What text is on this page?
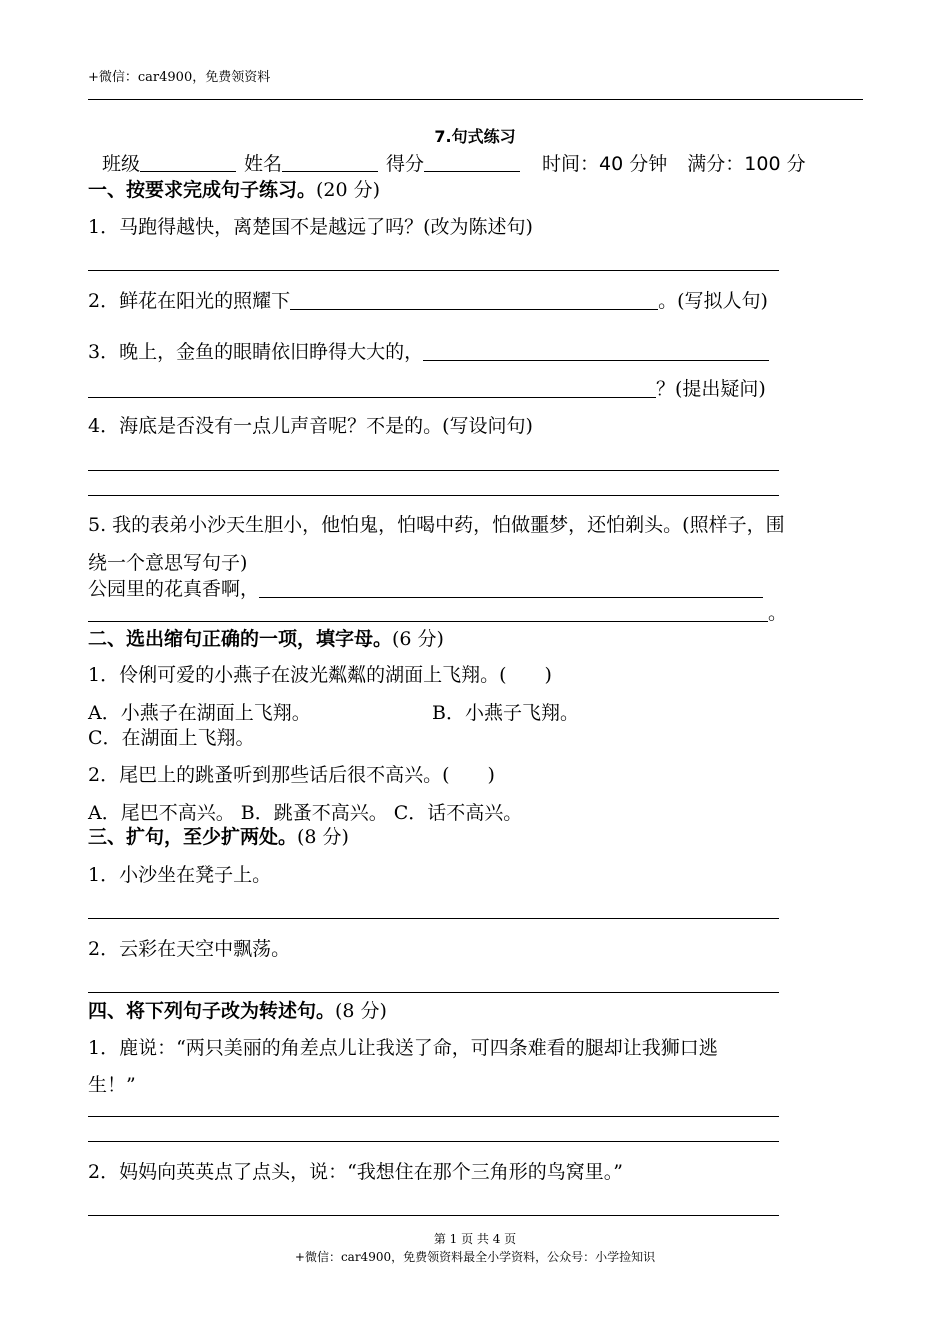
+微信：car4900，免费领资料
7.句式练习
班级	姓名	得分	时间：40 分钟 满分：100 分
一、按要求完成句子练习。(20 分)
1．马跑得越快，离楚国不是越远了吗？(改为陈述句)
2．鲜花在阳光的照耀下	。(写拟人句)
3．晚上，金鱼的眼睛依旧睁得大大的，
？(提出疑问)
4．海底是否没有一点儿声音呢？不是的。(写设问句)
5. 我的表弟小沙天生胆小，他怕鬼，怕喝中药，怕做噩梦，还怕剃头。(照样子，围
绕一个意思写句子)
公园里的花真香啊，
。
二、选出缩句正确的一项，填字母。(6 分)
1．伶俐可爱的小燕子在波光粼粼的湖面上飞翔。(　　)
A．小燕子在湖面上飞翔。	B．小燕子飞翔。
C．在湖面上飞翔。
2．尾巴上的跳蚤听到那些话后很不高兴。(　　)
A．尾巴不高兴。 B．跳蚤不高兴。 C．话不高兴。
三、扩句，至少扩两处。(8 分)
1．小沙坐在凳子上。
2．云彩在天空中飘荡。
四、将下列句子改为转述句。(8 分)
1．鹿说：“两只美丽的角差点儿让我送了命，可四条难看的腿却让我狮口逃
生！”
2．妈妈向英英点了点头，说：“我想住在那个三角形的鸟窝里。”
第 1 页 共 4 页
+微信：car4900，免费领资料最全小学资料，公众号：小学捡知识
